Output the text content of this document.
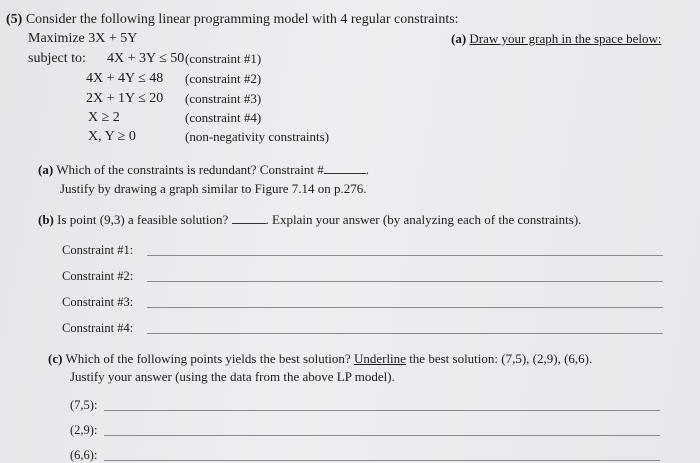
(5) Consider the following linear programming model with 4 regular constraints:
Maximize 3X + 5Y	(a) Draw your graph in the space below:
subject to: 4X + 3Y ≤ 50 (constraint #1)
4X + 4Y ≤ 48 (constraint #2)
2X + 1Y ≤ 20 (constraint #3)
X ≥ 2	(constraint #4)
X, Y ≥ 0	(non-negativity constraints)
(a) Which of the constraints is redundant? Constraint #	.
Justify by drawing a graph similar to Figure 7.14 on p.276.
(b) Is point (9,3) a feasible solution?	. Explain your answer (by analyzing each of the constraints).
Constraint #1:
Constraint #2:
Constraint #3:
Constraint #4:
(c) Which of the following points yields the best solution? Underline the best solution: (7,5), (2,9), (6,6).
Justify your answer (using the data from the above LP model).
(7,5):
(2,9):
(6,6):
